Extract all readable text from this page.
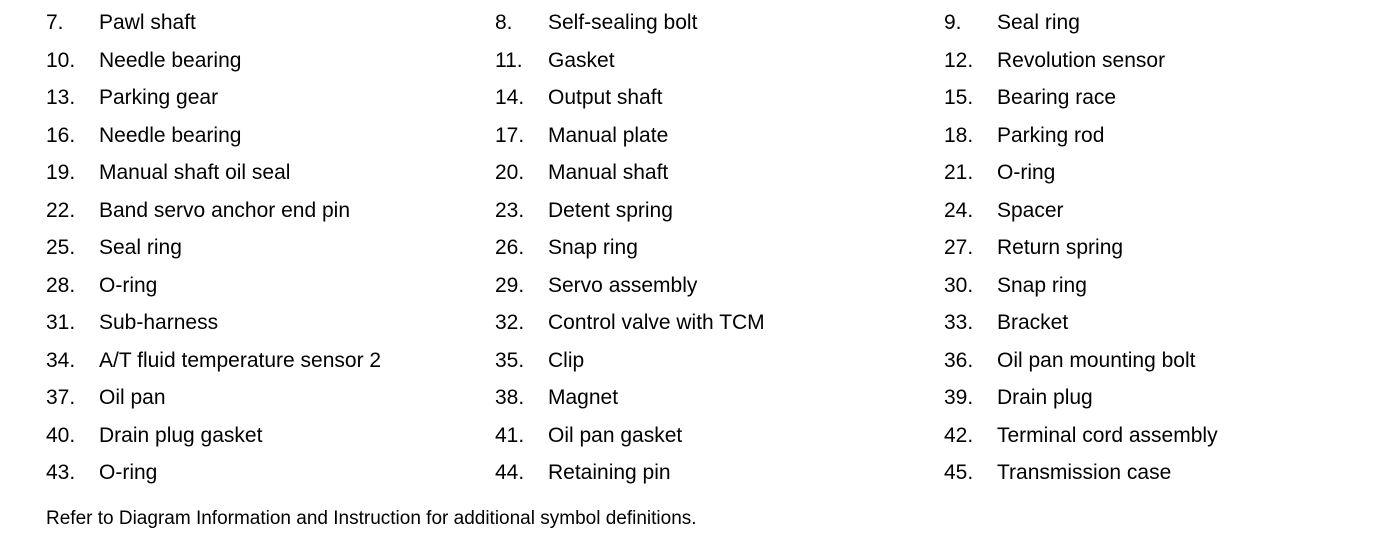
7. Pawl shaft	8. Self-sealing bolt	9. Seal ring
10. Needle bearing	11. Gasket	12. Revolution sensor
13. Parking gear	14. Output shaft	15. Bearing race
16. Needle bearing	17. Manual plate	18. Parking rod
19. Manual shaft oil seal	20. Manual shaft	21. O-ring
22. Band servo anchor end pin	23. Detent spring	24. Spacer
25. Seal ring	26. Snap ring	27. Return spring
28. O-ring	29. Servo assembly	30. Snap ring
31. Sub-harness	32. Control valve with TCM	33. Bracket
34. A/T fluid temperature sensor 2	35. Clip	36. Oil pan mounting bolt
37. Oil pan	38. Magnet	39. Drain plug
40. Drain plug gasket	41. Oil pan gasket	42. Terminal cord assembly
43. O-ring	44. Retaining pin	45. Transmission case
Refer to Diagram Information and Instruction for additional symbol definitions.
